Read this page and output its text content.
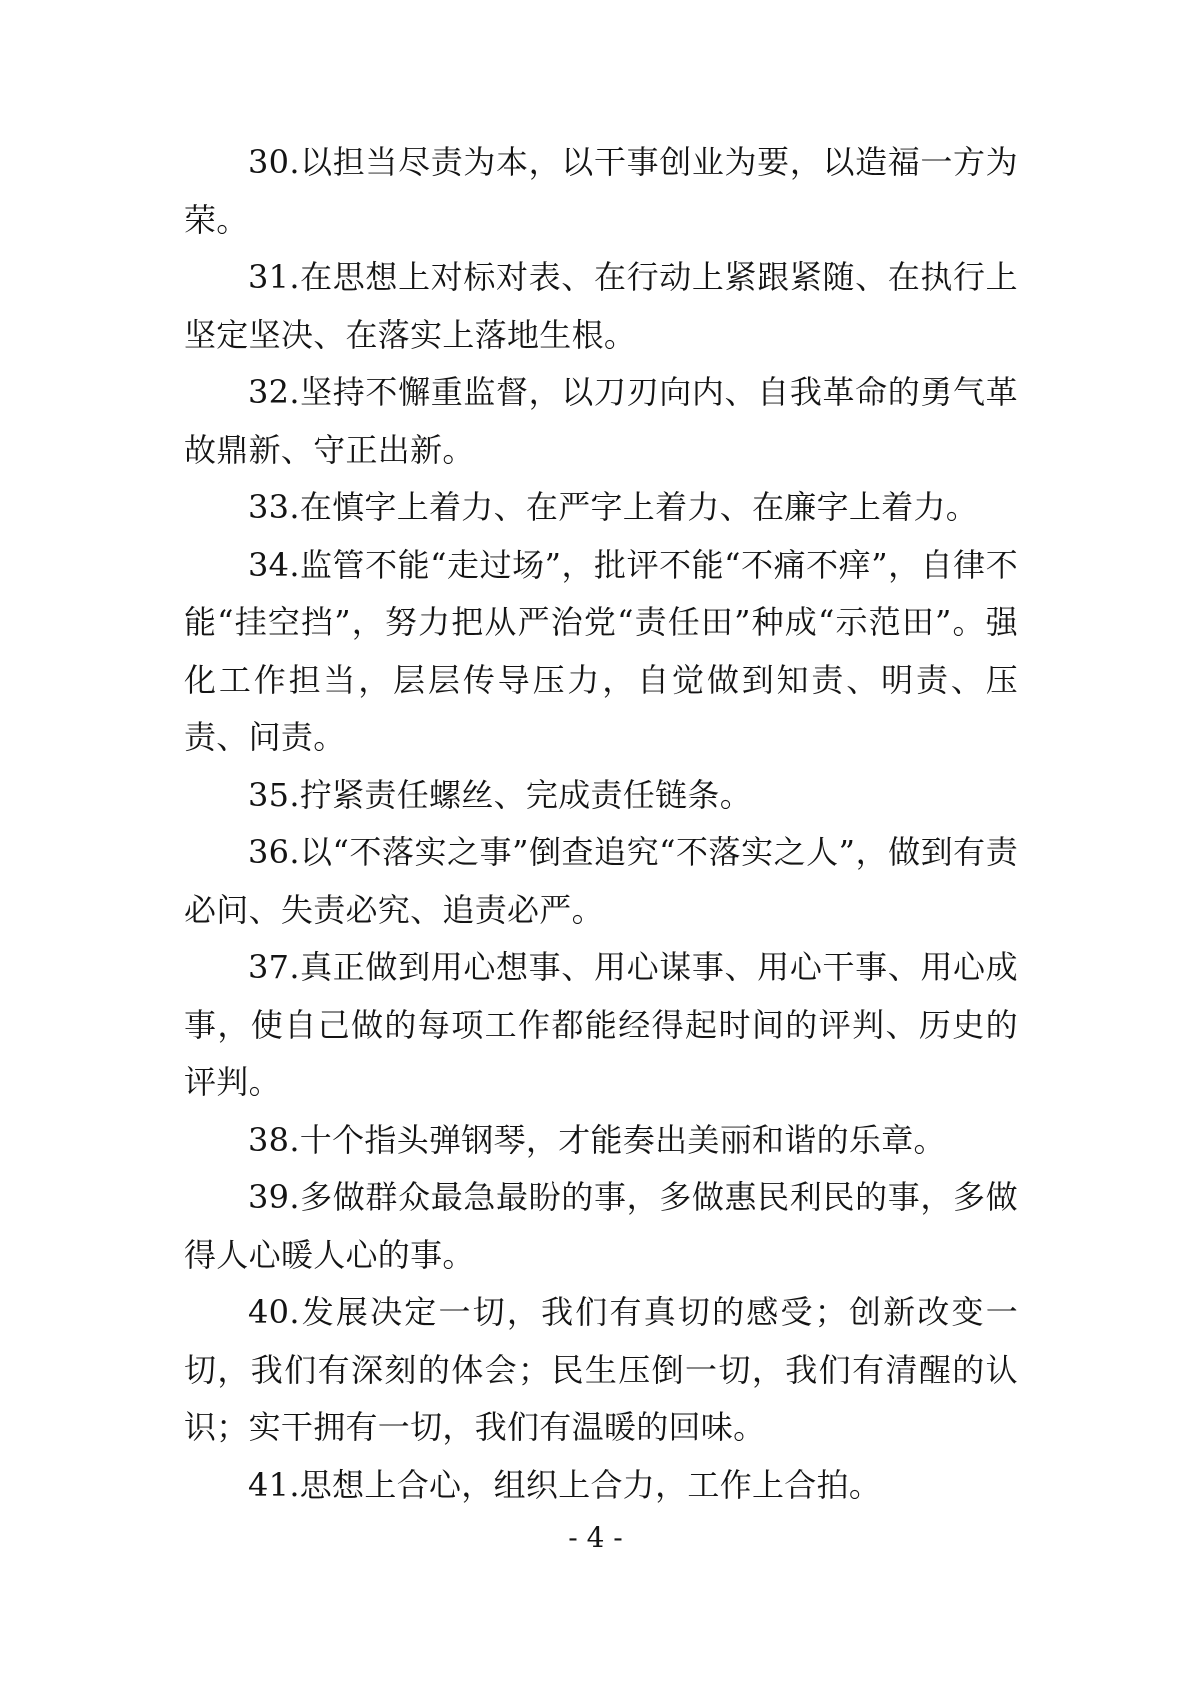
30.以担当尽责为本，以干事创业为要，以造福一方为荣。

31.在思想上对标对表、在行动上紧跟紧随、在执行上坚定坚决、在落实上落地生根。

32.坚持不懈重监督，以刀刃向内、自我革命的勇气革故鼎新、守正出新。

33.在慎字上着力、在严字上着力、在廉字上着力。

34.监管不能“走过场”，批评不能“不痛不痒”，自律不能“挂空挡”，努力把从严治党“责任田”种成“示范田”。强化工作担当，层层传导压力，自觉做到知责、明责、压责、问责。

35.拧紧责任螺丝、完成责任链条。

36.以“不落实之事”倒查追究“不落实之人”，做到有责必问、失责必究、追责必严。

37.真正做到用心想事、用心谋事、用心干事、用心成事，使自己做的每项工作都能经得起时间的评判、历史的评判。

38.十个指头弹钢琴，才能奏出美丽和谐的乐章。

39.多做群众最急最盼的事，多做惠民利民的事，多做得人心暖人心的事。

40.发展决定一切，我们有真切的感受；创新改变一切，我们有深刻的体会；民生压倒一切，我们有清醒的认识；实干拥有一切，我们有温暖的回味。

41.思想上合心，组织上合力，工作上合拍。

- 4 -
